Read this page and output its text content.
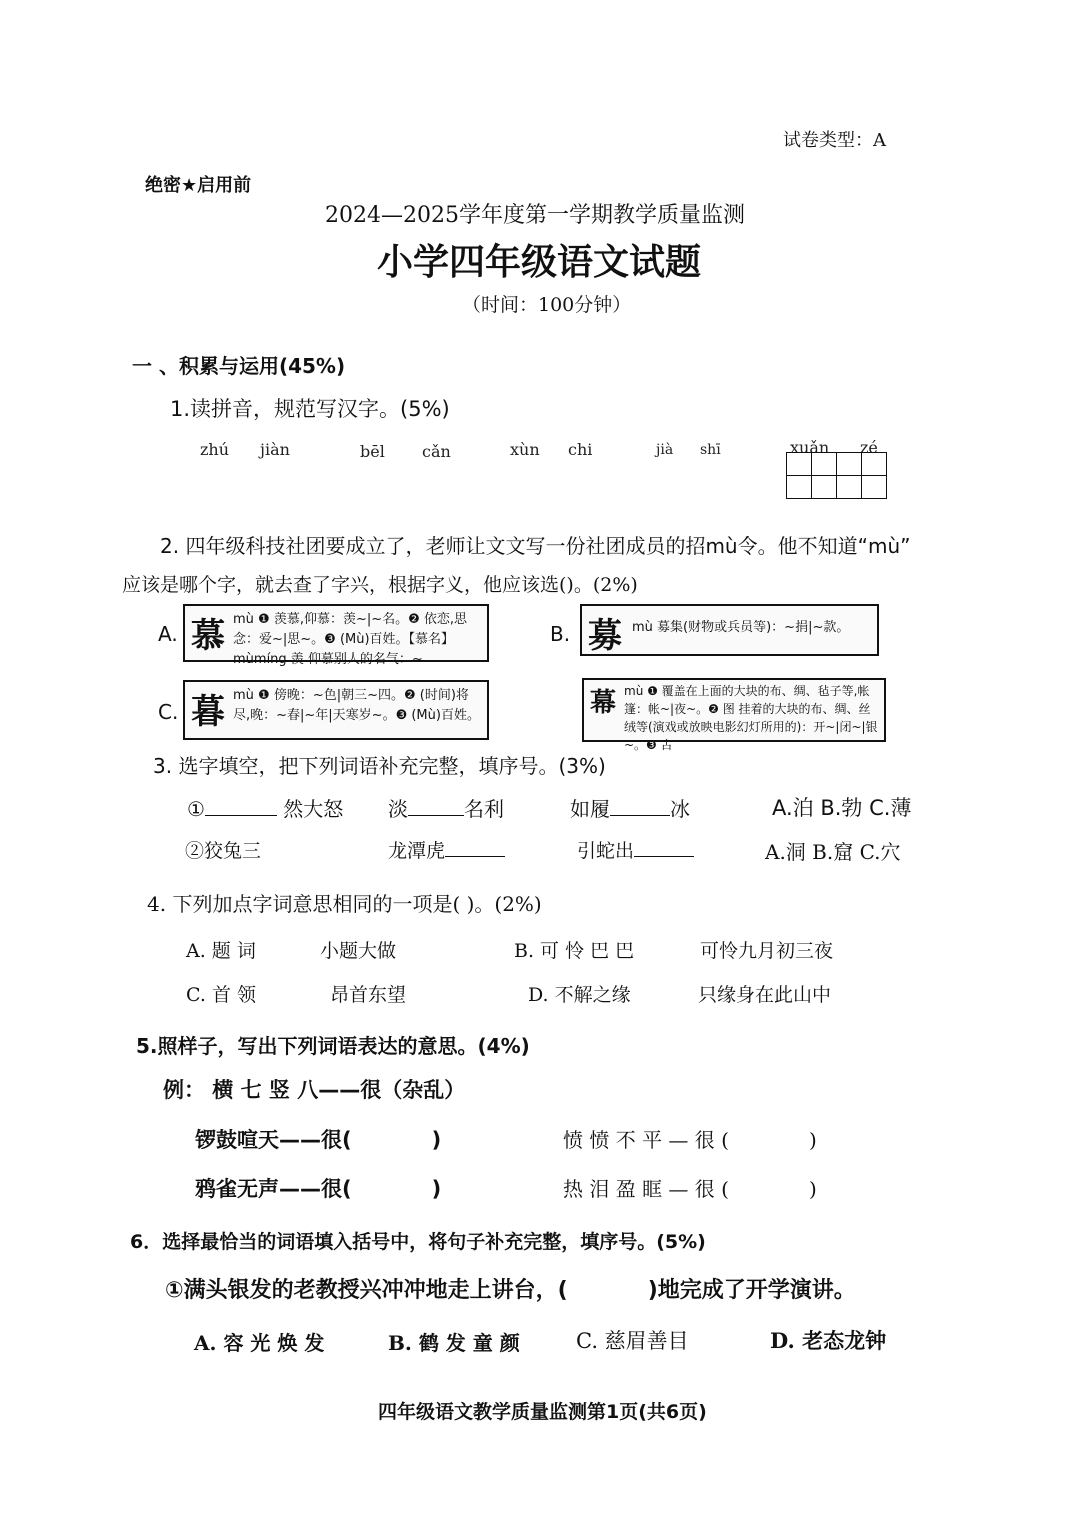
试卷类型：A
绝密★启用前
2024—2025学年度第一学期教学质量监测
小学四年级语文试题
（时间：100分钟）
一 、积累与运用(45%)
1.读拼音，规范写汉字。(5%)
zhú jiàn	bēl cǎn	xùn chi	jià shī	xuǎn zé

2. 四年级科技社团要成立了，老师让文文写一份社团成员的招mù令。他不知道“mù”
应该是哪个字，就去查了字兴，根据字义，他应该选()。(2%)
A. 慕 mù ❶ 羡慕,仰慕：羡~|~名。❷ 依恋,思念：爱~|思~。❸ (Mù)百姓。【慕名】mùmíng 羡 仰慕别人的名气：~
B. 募 mù 募集(财物或兵员等)：~捐|~款。
C. 暮 mù ❶ 傍晚：~色|朝三~四。❷ (时间)将尽,晚：~春|~年|天寒岁~。❸ (Mù)百姓。	幕 mù ❶ 覆盖在上面的大块的布、绸、毡子等,帐篷：帐~|夜~。❷ 图 挂着的大块的布、绸、丝绒等(演戏或放映电影幻灯所用的)：开~|闭~|银~。❸ 古
3. 选字填空，把下列词语补充完整，填序号。(3%)
①	然大怒 淡	名利	如履	冰	A.泊 B.勃 C.薄
②狡兔三	龙潭虎	引蛇出	A.洞 B.窟 C.穴
4. 下列加点字词意思相同的一项是( )。(2%)
A. 题 词	小题大做	B. 可 怜 巴 巴	可怜九月初三夜
C. 首 领	昂首东望	D. 不解之缘	只缘身在此山中
5.照样子，写出下列词语表达的意思。(4%)
例： 横 七 竖 八——很（杂乱）
锣鼓喧天——很(	)	愤 愤 不 平 — 很 (	)
鸦雀无声——很(	)	热 泪 盈 眶 — 很 (	)
6．选择最恰当的词语填入括号中，将句子补充完整，填序号。(5%)
①满头银发的老教授兴冲冲地走上讲台，(	)地完成了开学演讲。
A. 容 光 焕 发	B. 鹤 发 童 颜	C. 慈眉善目	D. 老态龙钟
四年级语文教学质量监测第1页(共6页)
